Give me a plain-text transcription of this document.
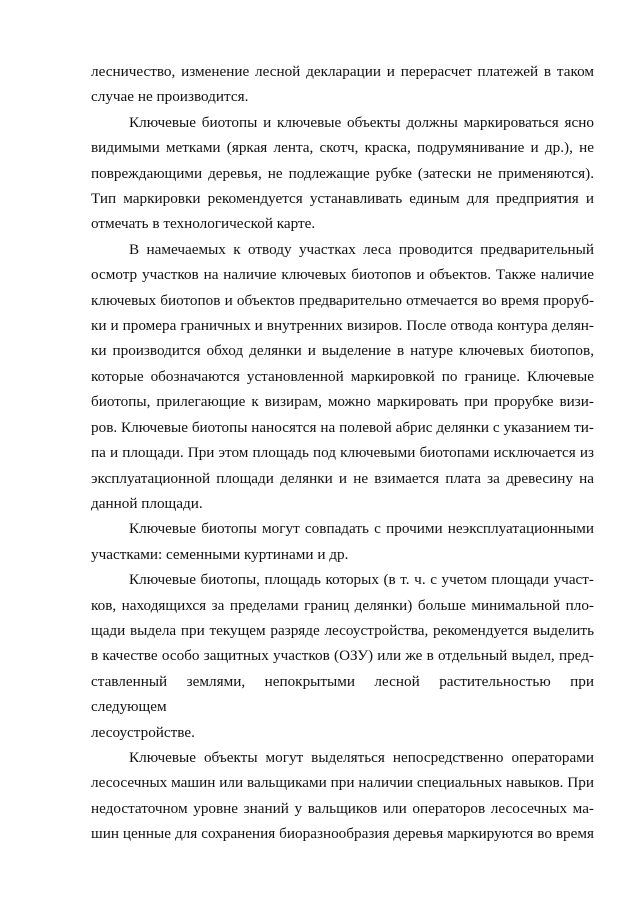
лесничество, изменение лесной декларации и перерасчет платежей в таком
случае не производится.

Ключевые биотопы и ключевые объекты должны маркироваться ясно
видимыми метками (яркая лента, скотч, краска, подрумянивание и др.), не
повреждающими деревья, не подлежащие рубке (затески не применяются).
Тип маркировки рекомендуется устанавливать единым для предприятия и
отмечать в технологической карте.

В намечаемых к отводу участках леса проводится предварительный
осмотр участков на наличие ключевых биотопов и объектов. Также наличие
ключевых биотопов и объектов предварительно отмечается во время проруб-
ки и промера граничных и внутренних визиров. После отвода контура делян-
ки производится обход делянки и выделение в натуре ключевых биотопов,
которые обозначаются установленной маркировкой по границе. Ключевые
биотопы, прилегающие к визирам, можно маркировать при прорубке визи-
ров. Ключевые биотопы наносятся на полевой абрис делянки с указанием ти-
па и площади. При этом площадь под ключевыми биотопами исключается из
эксплуатационной площади делянки и не взимается плата за древесину на
данной площади.

Ключевые биотопы могут совпадать с прочими неэксплуатационными
участками: семенными куртинами и др.

Ключевые биотопы, площадь которых (в т. ч. с учетом площади участ-
ков, находящихся за пределами границ делянки) больше минимальной пло-
щади выдела при текущем разряде лесоустройства, рекомендуется выделить
в качестве особо защитных участков (ОЗУ) или же в отдельный выдел, пред-
ставленный землями, непокрытыми лесной растительностью при следующем
лесоустройстве.

Ключевые объекты могут выделяться непосредственно операторами
лесосечных машин или вальщиками при наличии специальных навыков. При
недостаточном уровне знаний у вальщиков или операторов лесосечных ма-
шин ценные для сохранения биоразнообразия деревья маркируются во время
